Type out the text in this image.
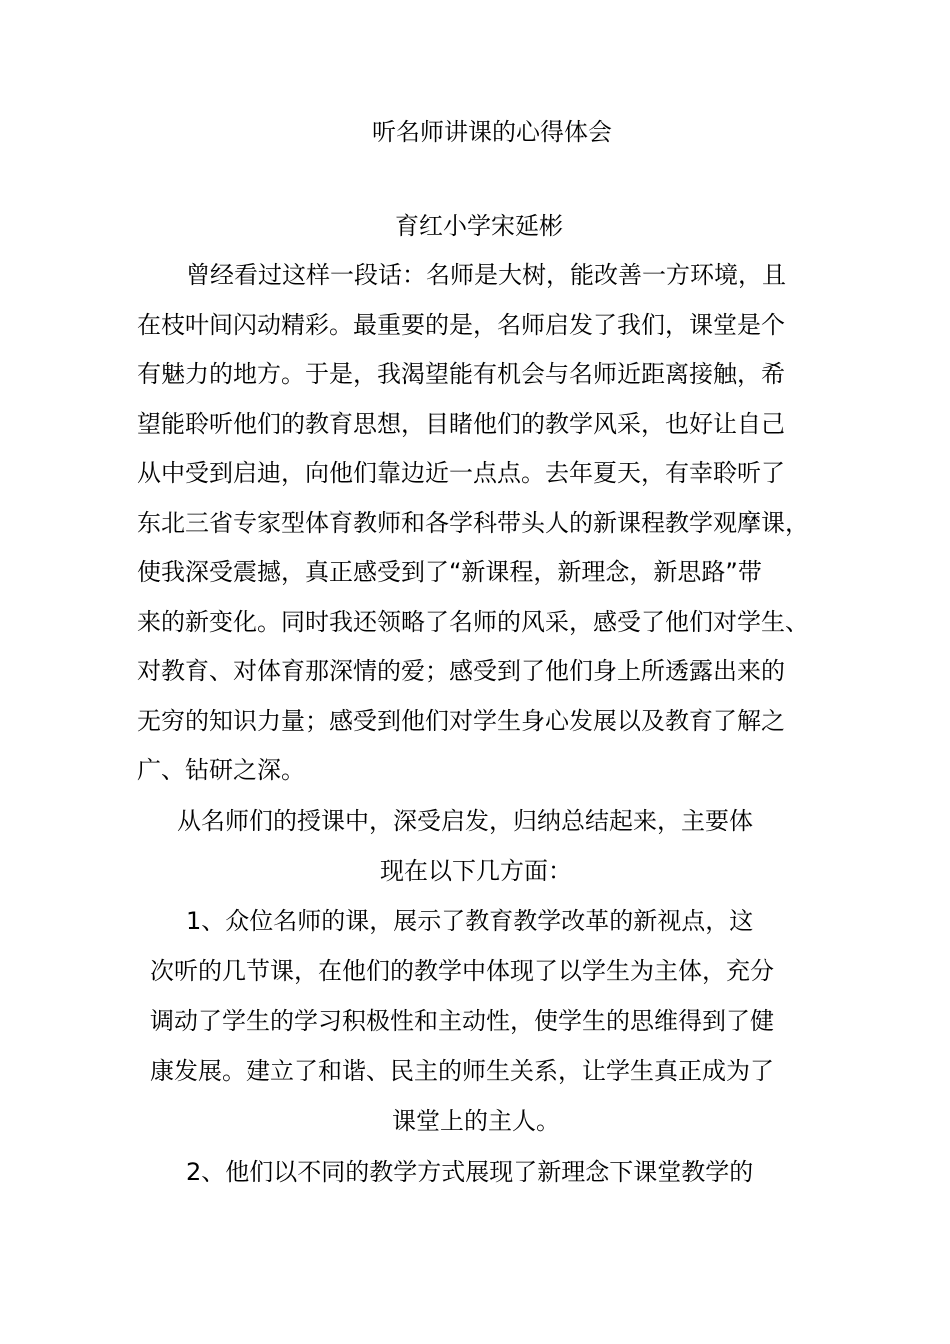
听名师讲课的心得体会

育红小学宋延彬

曾经看过这样一段话：名师是大树，能改善一方环境，且

在枝叶间闪动精彩。最重要的是，名师启发了我们，课堂是个

有魅力的地方。于是，我渴望能有机会与名师近距离接触，希

望能聆听他们的教育思想，目睹他们的教学风采，也好让自己

从中受到启迪，向他们靠边近一点点。去年夏天，有幸聆听了

东北三省专家型体育教师和各学科带头人的新课程教学观摩课，

使我深受震撼，真正感受到了“新课程，新理念，新思路”带

来的新变化。同时我还领略了名师的风采，感受了他们对学生、

对教育、对体育那深情的爱；感受到了他们身上所透露出来的

无穷的知识力量；感受到他们对学生身心发展以及教育了解之

广、钻研之深。

从名师们的授课中，深受启发，归纳总结起来，主要体

现在以下几方面：

1、众位名师的课，展示了教育教学改革的新视点，这

次听的几节课，在他们的教学中体现了以学生为主体，充分

调动了学生的学习积极性和主动性，使学生的思维得到了健

康发展。建立了和谐、民主的师生关系，让学生真正成为了

课堂上的主人。

2、他们以不同的教学方式展现了新理念下课堂教学的
